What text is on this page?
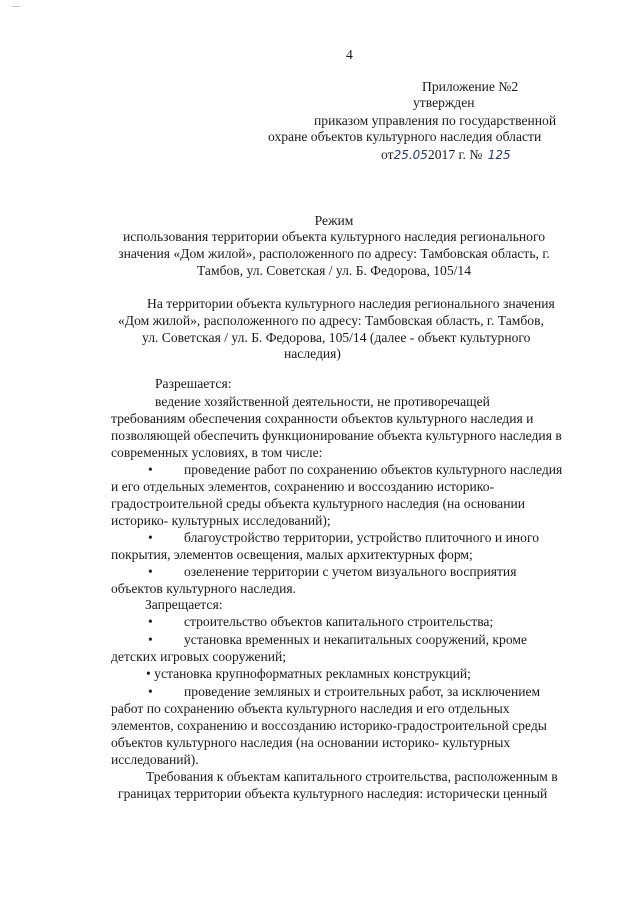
4
Приложение №2
утвержден
приказом управления по государственной
охране объектов культурного наследия области
от25.052017 г. № 125
Режим
использования территории объекта культурного наследия регионального
значения «Дом жилой», расположенного по адресу: Тамбовская область, г.
Тамбов, ул. Советская / ул. Б. Федорова, 105/14
На территории объекта культурного наследия регионального значения
«Дом жилой», расположенного по адресу: Тамбовская область, г. Тамбов,
ул. Советская / ул. Б. Федорова, 105/14 (далее - объект культурного
наследия)
Разрешается:
ведение хозяйственной деятельности, не противоречащей
требованиям обеспечения сохранности объектов культурного наследия и
позволяющей обеспечить функционирование объекта культурного наследия в
современных условиях, в том числе:
• проведение работ по сохранению объектов культурного наследия
и его отдельных элементов, сохранению и воссозданию историко-
градостроительной среды объекта культурного наследия (на основании
историко- культурных исследований);
• благоустройство территории, устройство плиточного и иного
покрытия, элементов освещения, малых архитектурных форм;
• озеленение территории с учетом визуального восприятия
объектов культурного наследия.
Запрещается:
• строительство объектов капитального строительства;
• установка временных и некапитальных сооружений, кроме
детских игровых сооружений;
• установка крупноформатных рекламных конструкций;
• проведение земляных и строительных работ, за исключением
работ по сохранению объекта культурного наследия и его отдельных
элементов, сохранению и воссозданию историко-градостроительной среды
объектов культурного наследия (на основании историко- культурных
исследований).
Требования к объектам капитального строительства, расположенным в
границах территории объекта культурного наследия: исторически ценный
